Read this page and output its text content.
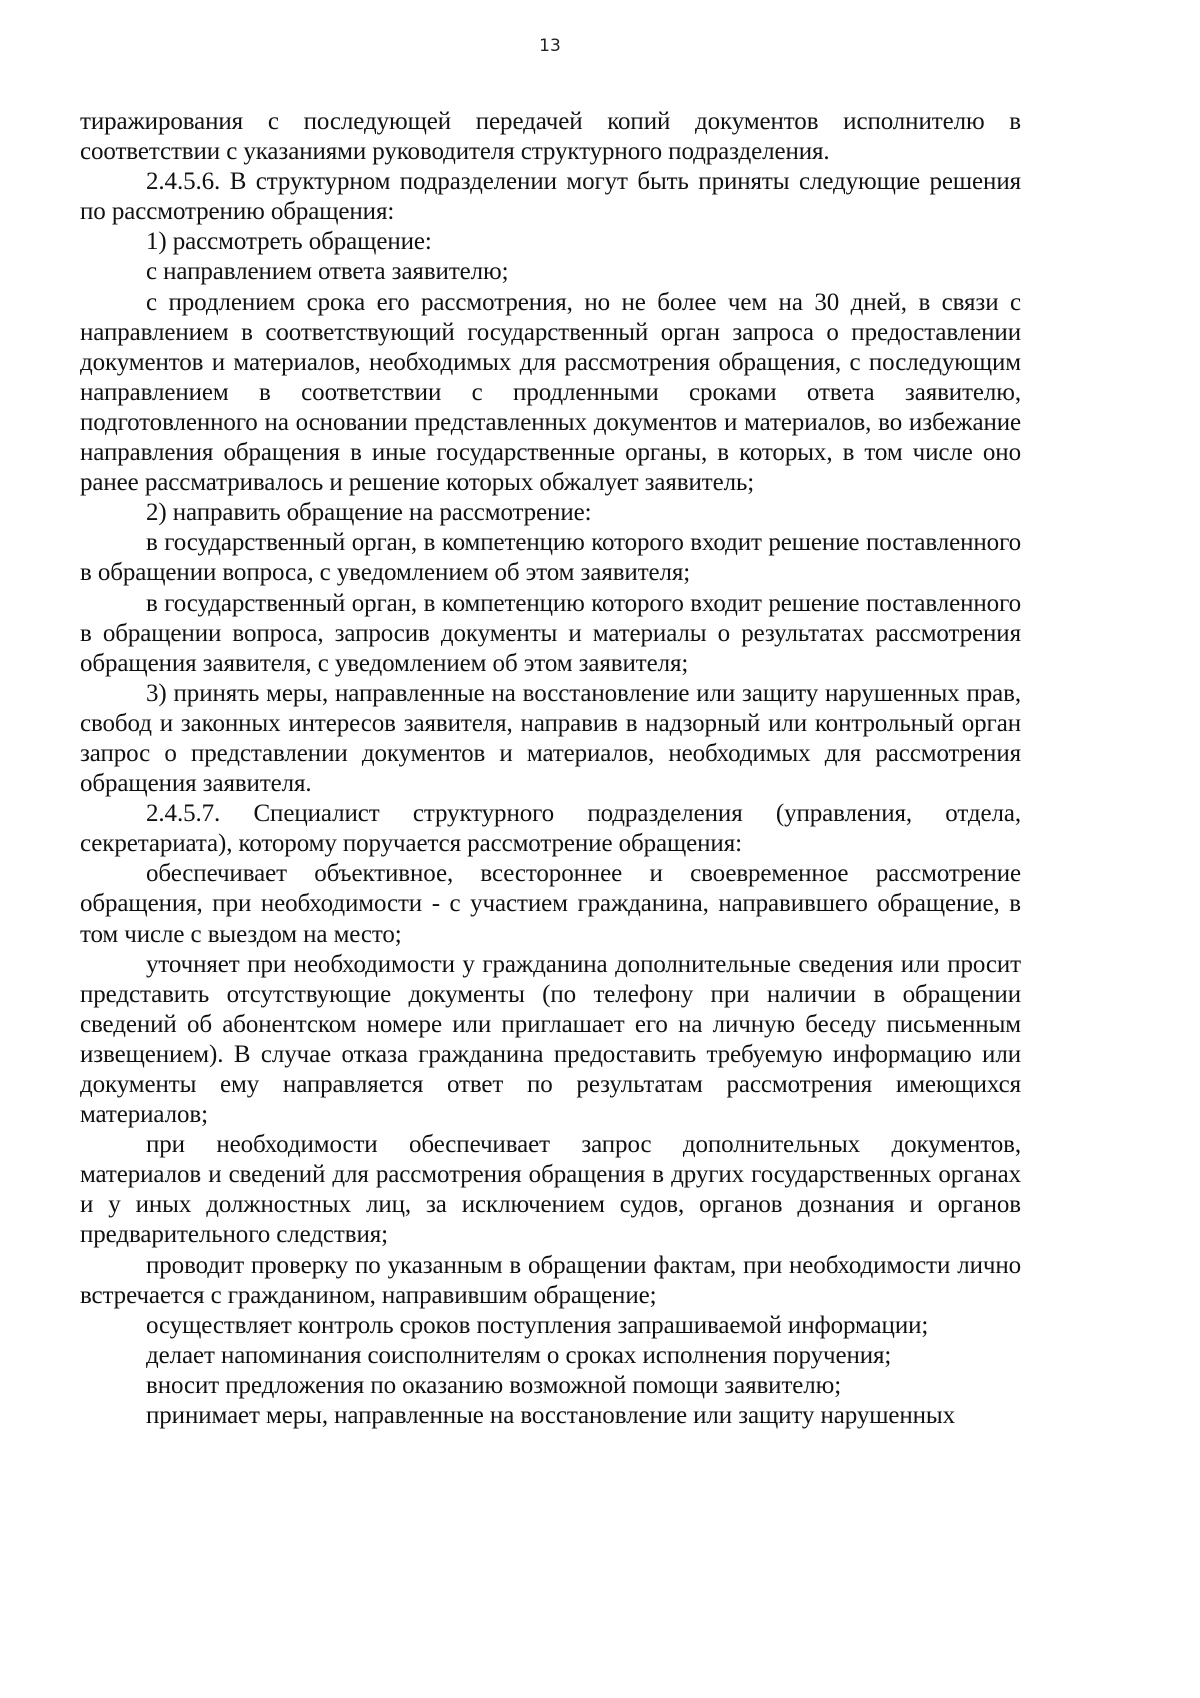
13

тиражирования с последующей передачей копий документов исполнителю в соответствии с указаниями руководителя структурного подразделения.

2.4.5.6. В структурном подразделении могут быть приняты следующие решения по рассмотрению обращения:

1) рассмотреть обращение:

с направлением ответа заявителю;

с продлением срока его рассмотрения, но не более чем на 30 дней, в связи с направлением в соответствующий государственный орган запроса о предоставлении документов и материалов, необходимых для рассмотрения обращения, с последующим направлением в соответствии с продленными сроками ответа заявителю, подготовленного на основании представленных документов и материалов, во избежание направления обращения в иные государственные органы, в которых, в том числе оно ранее рассматривалось и решение которых обжалует заявитель;

2) направить обращение на рассмотрение:

в государственный орган, в компетенцию которого входит решение поставленного в обращении вопроса, с уведомлением об этом заявителя;

в государственный орган, в компетенцию которого входит решение поставленного в обращении вопроса, запросив документы и материалы о результатах рассмотрения обращения заявителя, с уведомлением об этом заявителя;

3) принять меры, направленные на восстановление или защиту нарушенных прав, свобод и законных интересов заявителя, направив в надзорный или контрольный орган запрос о представлении документов и материалов, необходимых для рассмотрения обращения заявителя.

2.4.5.7. Специалист структурного подразделения (управления, отдела, секретариата), которому поручается рассмотрение обращения:

обеспечивает объективное, всестороннее и своевременное рассмотрение обращения, при необходимости - с участием гражданина, направившего обращение, в том числе с выездом на место;

уточняет при необходимости у гражданина дополнительные сведения или просит представить отсутствующие документы (по телефону при наличии в обращении сведений об абонентском номере или приглашает его на личную беседу письменным извещением). В случае отказа гражданина предоставить требуемую информацию или документы ему направляется ответ по результатам рассмотрения имеющихся материалов;

при необходимости обеспечивает запрос дополнительных документов, материалов и сведений для рассмотрения обращения в других государственных органах и у иных должностных лиц, за исключением судов, органов дознания и органов предварительного следствия;

проводит проверку по указанным в обращении фактам, при необходимости лично встречается с гражданином, направившим обращение;

осуществляет контроль сроков поступления запрашиваемой информации;

делает напоминания соисполнителям о сроках исполнения поручения;

вносит предложения по оказанию возможной помощи заявителю;

принимает меры, направленные на восстановление или защиту нарушенных
